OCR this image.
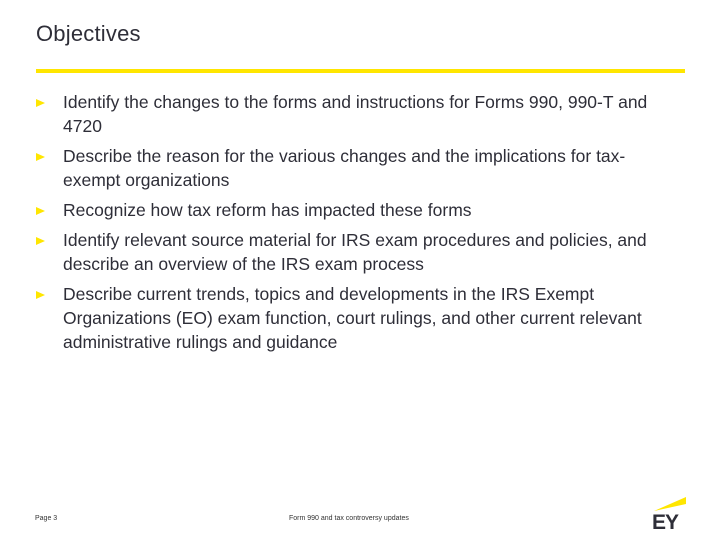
Objectives
Identify the changes to the forms and instructions for Forms 990, 990-T and 4720
Describe the reason for the various changes and the implications for tax-exempt organizations
Recognize how tax reform has impacted these forms
Identify relevant source material for IRS exam procedures and policies, and describe an overview of the IRS exam process
Describe current trends, topics and developments in the IRS Exempt Organizations (EO) exam function, court rulings, and other current relevant administrative rulings and guidance
Page 3	Form 990 and tax controversy updates	EY
